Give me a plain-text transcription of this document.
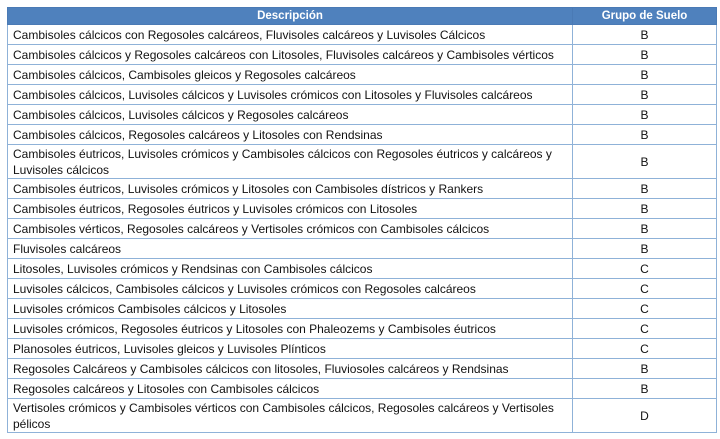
Descripción	Grupo de Suelo
Cambisoles cálcicos con Regosoles calcáreos, Fluvisoles calcáreos y Luvisoles Cálcicos	B
Cambisoles cálcicos y Regosoles calcáreos con Litosoles, Fluvisoles calcáreos y Cambisoles vérticos	B
Cambisoles cálcicos, Cambisoles gleicos y Regosoles calcáreos	B
Cambisoles cálcicos, Luvisoles cálcicos y Luvisoles crómicos con Litosoles y Fluvisoles calcáreos	B
Cambisoles cálcicos, Luvisoles cálcicos y Regosoles calcáreos	B
Cambisoles cálcicos, Regosoles calcáreos y Litosoles con Rendsinas	B
Cambisoles éutricos, Luvisoles crómicos y Cambisoles cálcicos con Regosoles éutricos y calcáreos y Luvisoles cálcicos	B
Cambisoles éutricos, Luvisoles crómicos y Litosoles con Cambisoles dístricos y Rankers	B
Cambisoles éutricos, Regosoles éutricos y Luvisoles crómicos con Litosoles	B
Cambisoles vérticos, Regosoles calcáreos y Vertisoles crómicos con Cambisoles cálcicos	B
Fluvisoles calcáreos	B
Litosoles, Luvisoles crómicos y Rendsinas con Cambisoles cálcicos	C
Luvisoles cálcicos, Cambisoles cálcicos y Luvisoles crómicos con Regosoles calcáreos	C
Luvisoles crómicos Cambisoles cálcicos y Litosoles	C
Luvisoles crómicos, Regosoles éutricos y Litosoles con Phaleozems y Cambisoles éutricos	C
Planosoles éutricos, Luvisoles gleicos y Luvisoles Plínticos	C
Regosoles Calcáreos y Cambisoles cálcicos con litosoles, Fluviosoles calcáreos y Rendsinas	B
Regosoles calcáreos y Litosoles con Cambisoles cálcicos	B
Vertisoles crómicos y Cambisoles vérticos con Cambisoles cálcicos, Regosoles calcáreos y Vertisoles pélicos	D
